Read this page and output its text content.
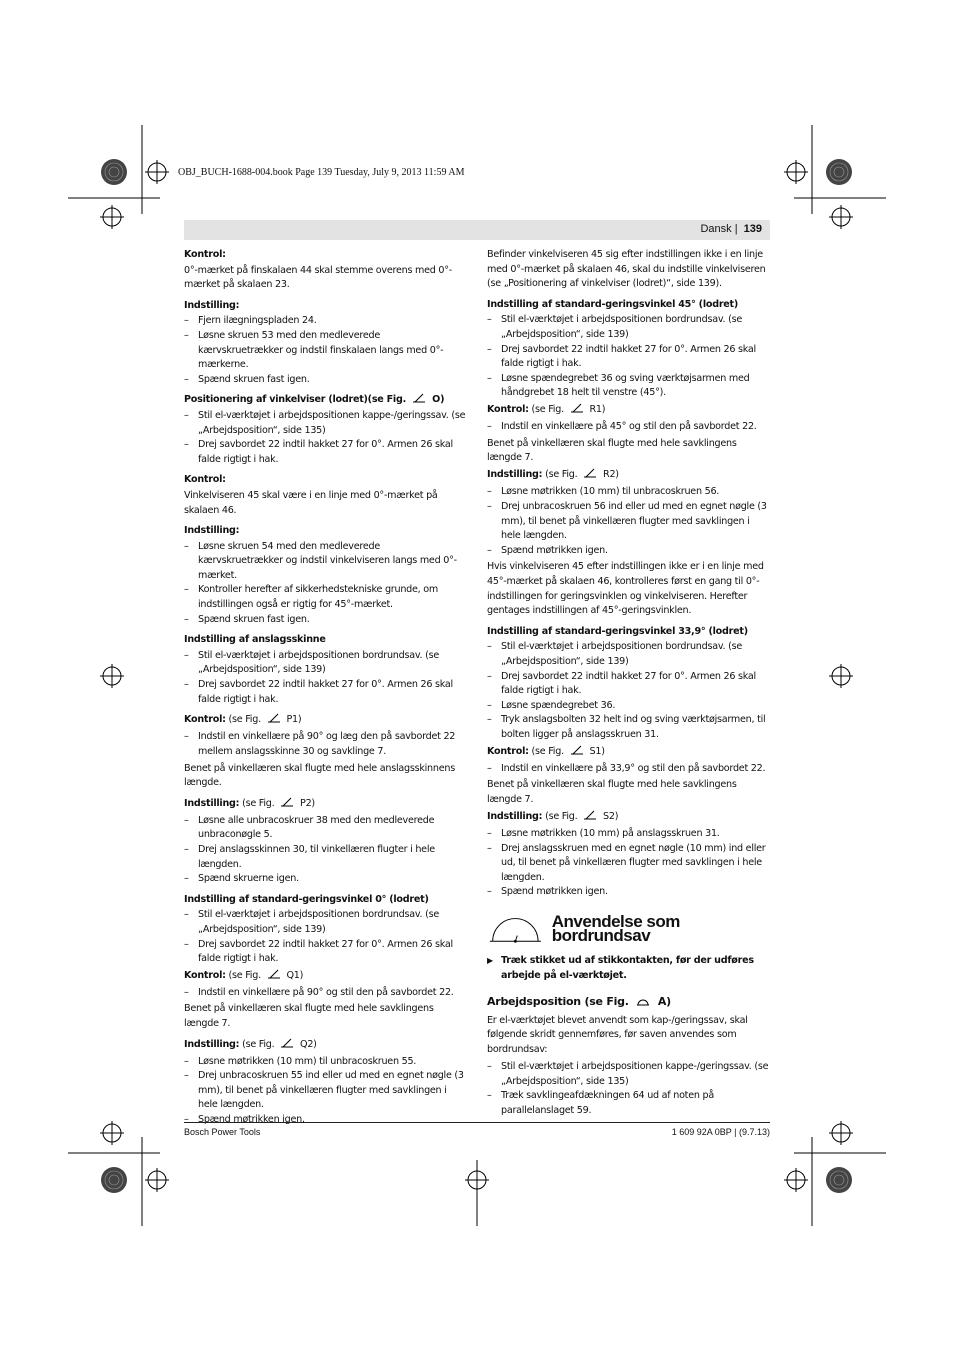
OBJ_BUCH-1688-004.book Page 139 Tuesday, July 9, 2013 11:59 AM
Dansk | 139
Kontrol:

0°-mærket på finskalaen 44 skal stemme overens med 0°-mærket på skalaen 23.

Indstilling:
– Fjern ilægningspladen 24.
– Løsne skruen 53 med den medleverede kærvskruetrækker og indstil finskalaen langs med 0°-mærkerne.
– Spænd skruen fast igen.
Positionering af vinkelviser (lodret)(se Fig.	O)
– Stil el-værktøjet i arbejdspositionen kappe-/geringssav. (se „Arbejdsposition“, side 135)
– Drej savbordet 22 indtil hakket 27 for 0°. Armen 26 skal falde rigtigt i hak.
Kontrol:

Vinkelviseren 45 skal være i en linje med 0°-mærket på skalaen 46.

Indstilling:
– Løsne skruen 54 med den medleverede kærvskruetrækker og indstil vinkelviseren langs med 0°-mærket.
– Kontroller herefter af sikkerhedstekniske grunde, om indstillingen også er rigtig for 45°-mærket.
– Spænd skruen fast igen.
Indstilling af anslagsskinne
– Stil el-værktøjet i arbejdspositionen bordrundsav. (se „Arbejdsposition“, side 139)
– Drej savbordet 22 indtil hakket 27 for 0°. Armen 26 skal falde rigtigt i hak.

Kontrol: (se Fig.	P1)

– Indstil en vinkellære på 90° og læg den på savbordet 22 mellem anslagsskinne 30 og savklinge 7.

Benet på vinkellæren skal flugte med hele anslagsskinnens længde.

Indstilling: (se Fig.	P2)

– Løsne alle unbracoskruer 38 med den medleverede unbraconøgle 5.
– Drej anslagsskinnen 30, til vinkellæren flugter i hele længden.
– Spænd skruerne igen.
Indstilling af standard-geringsvinkel 0° (lodret)
– Stil el-værktøjet i arbejdspositionen bordrundsav. (se „Arbejdsposition“, side 139)
– Drej savbordet 22 indtil hakket 27 for 0°. Armen 26 skal falde rigtigt i hak.

Kontrol: (se Fig.	Q1)

– Indstil en vinkellære på 90° og stil den på savbordet 22.

Benet på vinkellæren skal flugte med hele savklingens længde 7.

Indstilling: (se Fig.	Q2)

– Løsne møtrikken (10 mm) til unbracoskruen 55.
– Drej unbracoskruen 55 ind eller ud med en egnet nøgle (3 mm), til benet på vinkellæren flugter med savklingen i hele længden.
– Spænd møtrikken igen.

Befinder vinkelviseren 45 sig efter indstillingen ikke i en linje med 0°-mærket på skalaen 46, skal du indstille vinkelviseren (se „Positionering af vinkelviser (lodret)“, side 139).

Indstilling af standard-geringsvinkel 45° (lodret)
– Stil el-værktøjet i arbejdspositionen bordrundsav. (se „Arbejdsposition“, side 139)
– Drej savbordet 22 indtil hakket 27 for 0°. Armen 26 skal falde rigtigt i hak.
– Løsne spændegrebet 36 og sving værktøjsarmen med håndgrebet 18 helt til venstre (45°).

Kontrol: (se Fig.	R1)

– Indstil en vinkellære på 45° og stil den på savbordet 22.

Benet på vinkellæren skal flugte med hele savklingens længde 7.

Indstilling: (se Fig.	R2)

– Løsne møtrikken (10 mm) til unbracoskruen 56.
– Drej unbracoskruen 56 ind eller ud med en egnet nøgle (3 mm), til benet på vinkellæren flugter med savklingen i hele længden.
– Spænd møtrikken igen.

Hvis vinkelviseren 45 efter indstillingen ikke er i en linje med 45°-mærket på skalaen 46, kontrolleres først en gang til 0°-indstillingen for geringsvinklen og vinkelviseren. Herefter gentages indstillingen af 45°-geringsvinklen.

Indstilling af standard-geringsvinkel 33,9° (lodret)
– Stil el-værktøjet i arbejdspositionen bordrundsav. (se „Arbejdsposition“, side 139)
– Drej savbordet 22 indtil hakket 27 for 0°. Armen 26 skal falde rigtigt i hak.
– Løsne spændegrebet 36.
– Tryk anslagsbolten 32 helt ind og sving værktøjsarmen, til bolten ligger på anslagsskruen 31.

Kontrol: (se Fig.	S1)

– Indstil en vinkellære på 33,9° og stil den på savbordet 22.

Benet på vinkellæren skal flugte med hele savklingens længde 7.

Indstilling: (se Fig.	S2)

– Løsne møtrikken (10 mm) på anslagsskruen 31.
– Drej anslagsskruen med en egnet nøgle (10 mm) ind eller ud, til benet på vinkellæren flugter med savklingen i hele længden.
– Spænd møtrikken igen.
Anvendelse som bordrundsav
▶ Træk stikket ud af stikkontakten, før der udføres arbejde på el-værktøjet.
Arbejdsposition (se Fig.	A)

Er el-værktøjet blevet anvendt som kap-/geringssav, skal følgende skridt gennemføres, før saven anvendes som bordrundsav:

– Stil el-værktøjet i arbejdspositionen kappe-/geringssav. (se „Arbejdsposition“, side 135)
– Træk savklingeafdækningen 64 ud af noten på parallelanslaget 59.
Bosch Power Tools	1 609 92A 0BP | (9.7.13)
